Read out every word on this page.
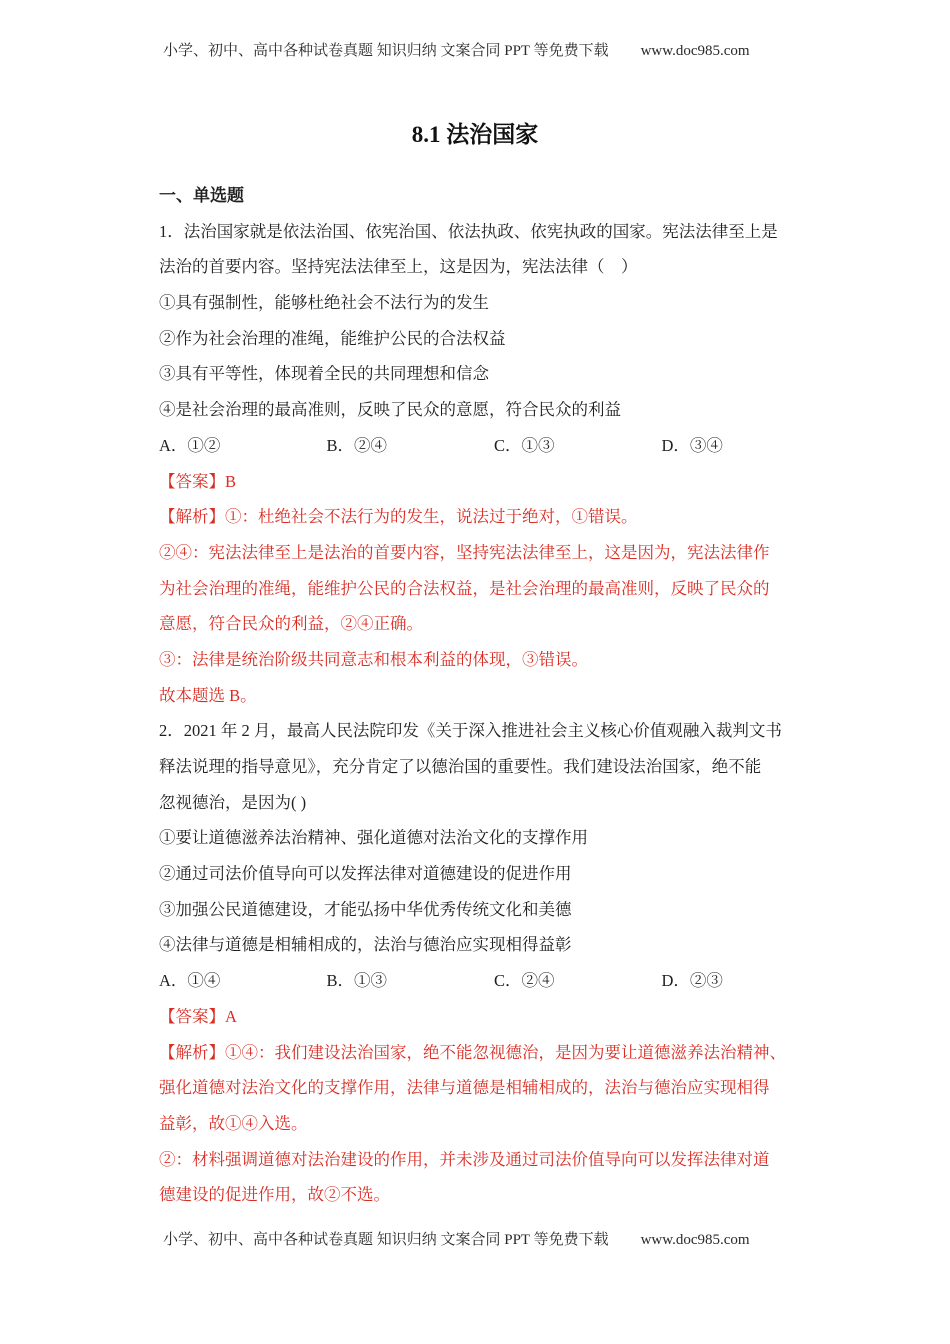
小学、初中、高中各种试卷真题 知识归纳 文案合同 PPT 等免费下载 www.doc985.com
8.1 法治国家
一、单选题
1．法治国家就是依法治国、依宪治国、依法执政、依宪执政的国家。宪法法律至上是
法治的首要内容。坚持宪法法律至上，这是因为，宪法法律（　）
①具有强制性，能够杜绝社会不法行为的发生
②作为社会治理的准绳，能维护公民的合法权益
③具有平等性，体现着全民的共同理想和信念
④是社会治理的最高准则，反映了民众的意愿，符合民众的利益
A．①②	B．②④	C．①③	D．③④
【答案】B
【解析】①：杜绝社会不法行为的发生，说法过于绝对，①错误。
②④：宪法法律至上是法治的首要内容，坚持宪法法律至上，这是因为，宪法法律作
为社会治理的准绳，能维护公民的合法权益，是社会治理的最高准则，反映了民众的
意愿，符合民众的利益，②④正确。
③：法律是统治阶级共同意志和根本利益的体现，③错误。
故本题选 B。
2．2021 年 2 月，最高人民法院印发《关于深入推进社会主义核心价值观融入裁判文书
释法说理的指导意见》，充分肯定了以德治国的重要性。我们建设法治国家，绝不能
忽视德治，是因为( )
①要让道德滋养法治精神、强化道德对法治文化的支撑作用
②通过司法价值导向可以发挥法律对道德建设的促进作用
③加强公民道德建设，才能弘扬中华优秀传统文化和美德
④法律与道德是相辅相成的，法治与德治应实现相得益彰
A．①④	B．①③	C．②④	D．②③
【答案】A
【解析】①④：我们建设法治国家，绝不能忽视德治，是因为要让道德滋养法治精神、
强化道德对法治文化的支撑作用，法律与道德是相辅相成的，法治与德治应实现相得
益彰，故①④入选。
②：材料强调道德对法治建设的作用，并未涉及通过司法价值导向可以发挥法律对道
德建设的促进作用，故②不选。
小学、初中、高中各种试卷真题 知识归纳 文案合同 PPT 等免费下载 www.doc985.com
